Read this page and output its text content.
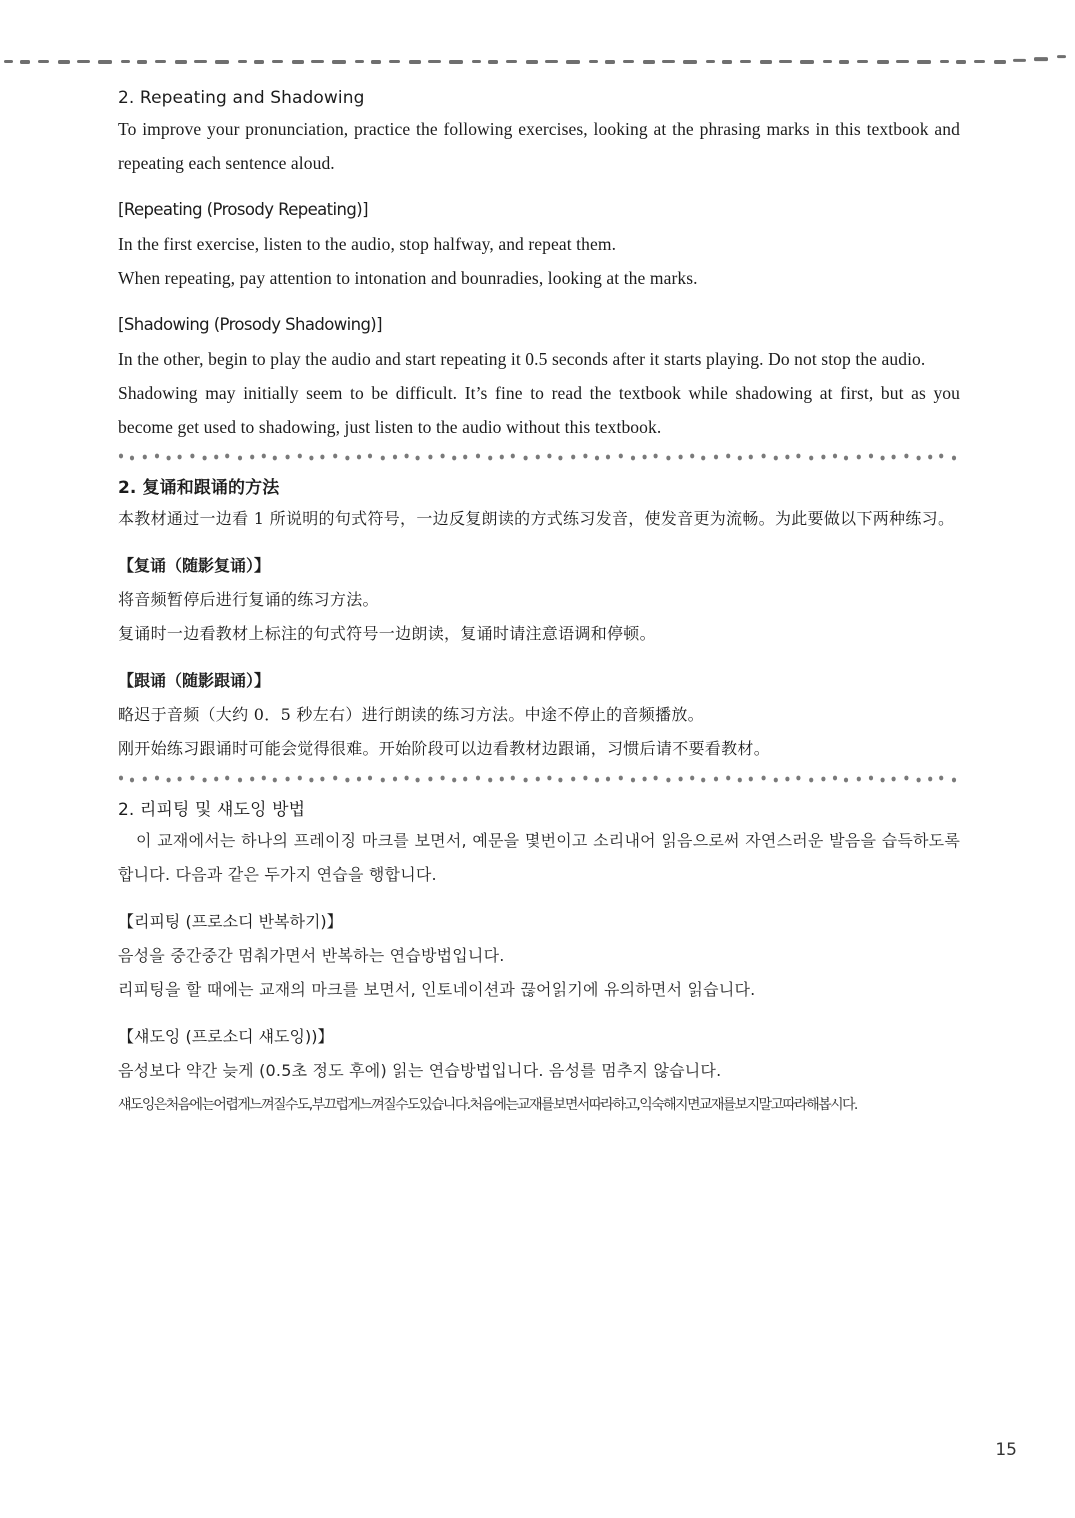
2. Repeating and Shadowing

To improve your pronunciation, practice the following exercises, looking at the phrasing marks in this textbook and repeating each sentence aloud.

[Repeating (Prosody Repeating)]

In the first exercise, listen to the audio, stop halfway, and repeat them.

When repeating, pay attention to intonation and bounradies, looking at the marks.

[Shadowing (Prosody Shadowing)]

In the other, begin to play the audio and start repeating it 0.5 seconds after it starts playing. Do not stop the audio.

Shadowing may initially seem to be difficult. It’s fine to read the textbook while shadowing at first, but as you become get used to shadowing, just listen to the audio without this textbook.

2. 复诵和跟诵的方法

本教材通过一边看 1 所说明的句式符号，一边反复朗读的方式练习发音，使发音更为流畅。为此要做以下两种练习。

【复诵（随影复诵）】

将音频暂停后进行复诵的练习方法。

复诵时一边看教材上标注的句式符号一边朗读，复诵时请注意语调和停顿。

【跟诵（随影跟诵）】

略迟于音频（大约 0．5 秒左右）进行朗读的练习方法。中途不停止的音频播放。

刚开始练习跟诵时可能会觉得很难。开始阶段可以边看教材边跟诵，习惯后请不要看教材。

2. 리피팅 및 섀도잉 방법

이 교재에서는 하나의 프레이징 마크를 보면서, 예문을 몇번이고 소리내어 읽음으로써 자연스러운 발음을 습득하도록 합니다. 다음과 같은 두가지 연습을 행합니다.

【리피팅 (프로소디 반복하기)】

음성을 중간중간 멈춰가면서 반복하는 연습방법입니다.

리피팅을 할 때에는 교재의 마크를 보면서, 인토네이션과 끊어읽기에 유의하면서 읽습니다.

【섀도잉 (프로소디 섀도잉))】

음성보다 약간 늦게 (0.5초 정도 후에) 읽는 연습방법입니다. 음성를 멈추지 않습니다.

섀도잉은처음에는어렵게느껴질수도,부끄럽게느껴질수도있습니다.처음에는교재를보면서따라하고,익숙해지면교재를보지말고따라해봅시다.

15
